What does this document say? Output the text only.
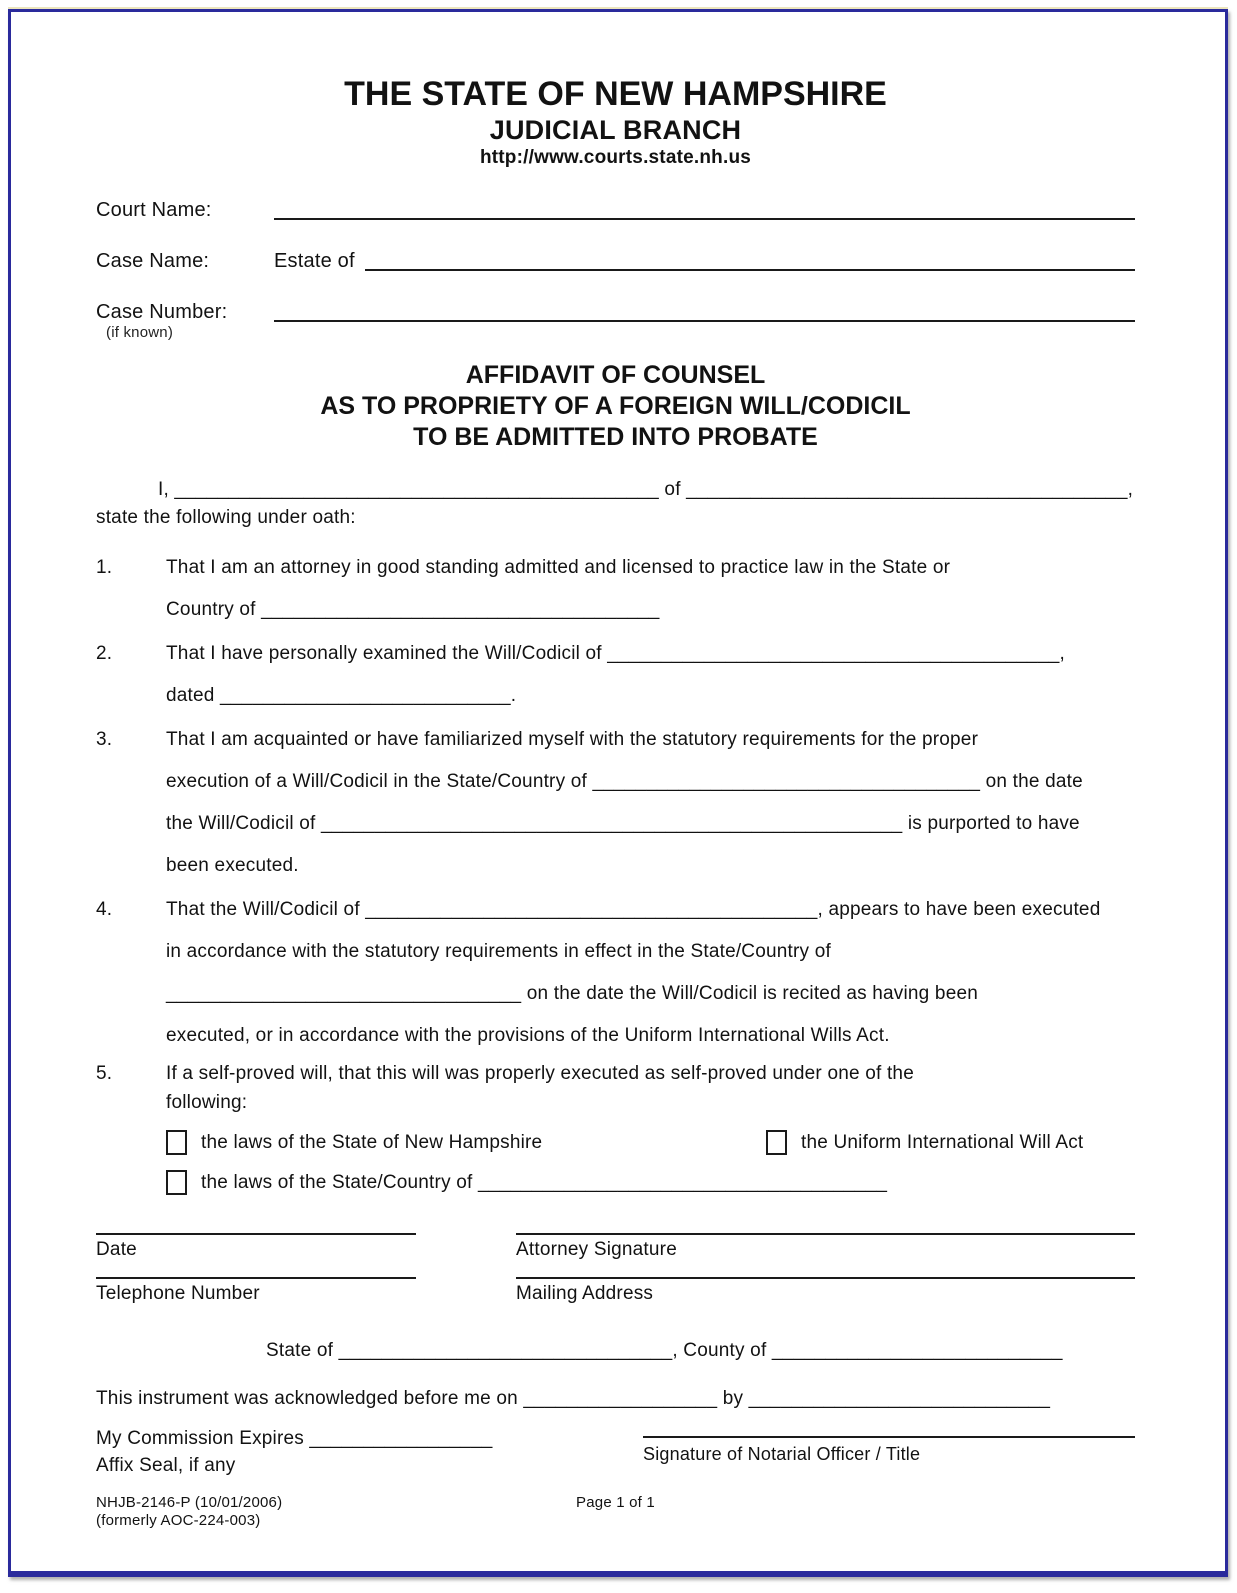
THE STATE OF NEW HAMPSHIRE
JUDICIAL BRANCH
http://www.courts.state.nh.us
Court Name:
Case Name:	Estate of
Case Number:
(if known)
AFFIDAVIT OF COUNSEL
AS TO PROPRIETY OF A FOREIGN WILL/CODICIL
TO BE ADMITTED INTO PROBATE
I, _____________________________________________ of _________________________________________,
state the following under oath:
1.	That I am an attorney in good standing admitted and licensed to practice law in the State or
Country of _____________________________________
2.	That I have personally examined the Will/Codicil of __________________________________________,
dated ___________________________.
3.	That I am acquainted or have familiarized myself with the statutory requirements for the proper
execution of a Will/Codicil in the State/Country of ____________________________________ on the date
the Will/Codicil of ______________________________________________________ is purported to have
been executed.
4.	That the Will/Codicil of __________________________________________, appears to have been executed
in accordance with the statutory requirements in effect in the State/Country of
_________________________________ on the date the Will/Codicil is recited as having been
executed, or in accordance with the provisions of the Uniform International Wills Act.
5.	If a self-proved will, that this will was properly executed as self-proved under one of the
following:
the laws of the State of New Hampshire	the Uniform International Will Act
the laws of the State/Country of ______________________________________
Date	Attorney Signature
Telephone Number	Mailing Address
State of _______________________________, County of ___________________________
This instrument was acknowledged before me on __________________ by ____________________________
My Commission Expires _________________
Affix Seal, if any
Signature of Notarial Officer / Title
NHJB-2146-P (10/01/2006)
(formerly AOC-224-003)
Page 1 of 1
